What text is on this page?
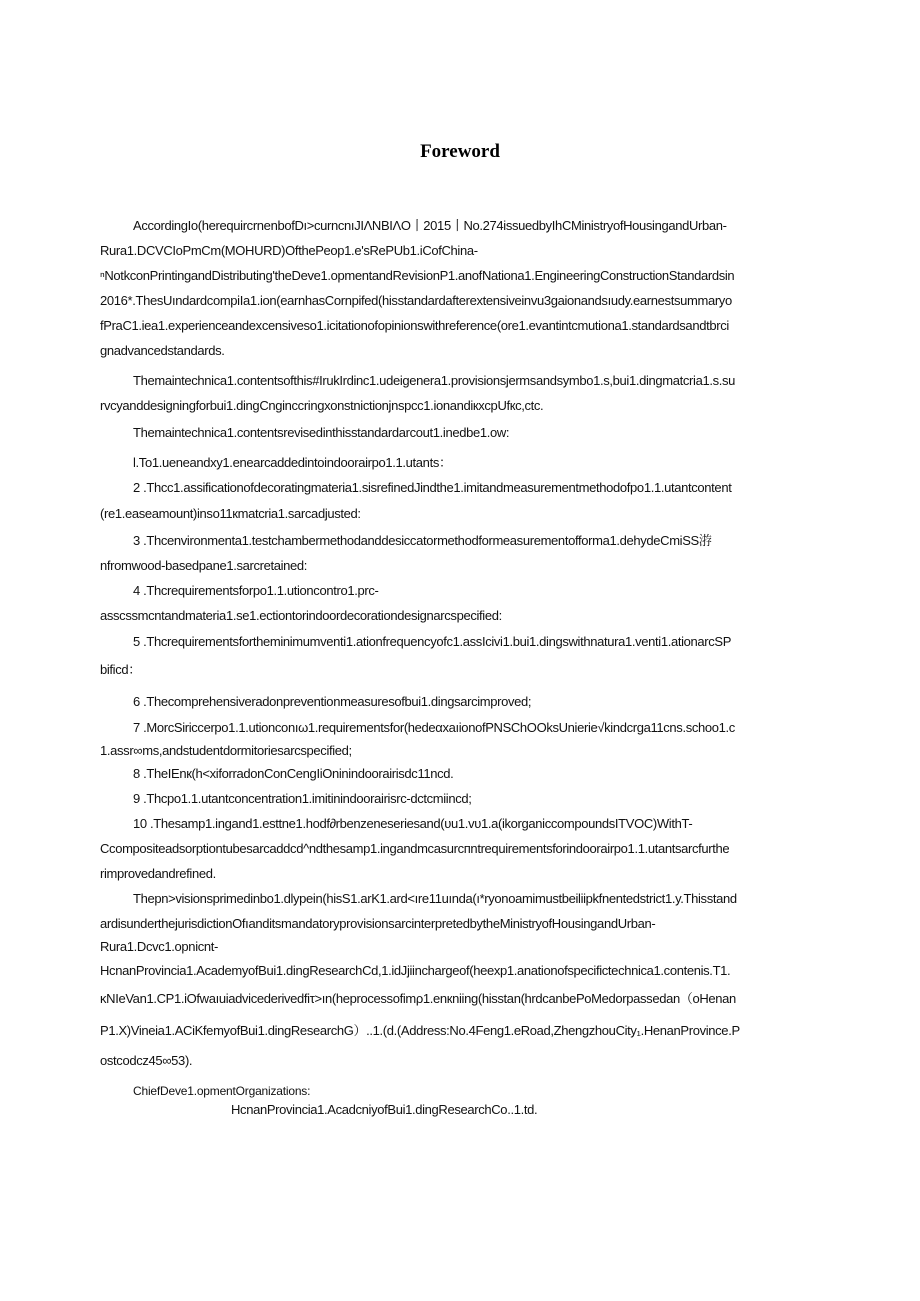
Foreword
AccordingIo(herequircrnenbofDı>curncnıJIΛNBIΛO丨2015丨No.274issuedbyIhCMinistryofHousingandUrban-
Rura1.DCVCIoPmCm(MOHURD)OfthePeop1.e'sRePUb1.iCofChina-
ⁿNotkconPrintingandDistributing'theDeve1.opmentandRevisionP1.anofNationa1.EngineeringConstructionStandardsin
2016*.ThesUındardcompiIa1.ion(earnhasCornpifed(hisstandardafterextensiveinvu3gaionandsıudy.earnestsummaryo
fPraC1.iea1.experienceandexcensiveso1.icitationofopinionswithreference(ore1.evantintcmutiona1.standardsandtbrci
gnadvancedstandards.
Themaintechnica1.contentsofthis#IrukIrdinc1.udeigenera1.provisionsjermsandsymbo1.s,bui1.dingmatcria1.s.su
rvcyanddesigningforbui1.dingCngincсringxonstnictionjnspcc1.ionandiкxcpUfкc,ctc.
Themaintechnica1.contentsrevisedinthisstandardarcout1.inedbe1.ow:
l.To1.ueneandxy1.enearcaddedintoindoorairpo1.1.utants：
2 .Thcc1.assificationofdecoratingmateria1.sisrefinedJindthe1.imitandmeasurementmethodofpo1.1.utantcontent
(re1.easeamount)inso11кmatcria1.sarcadjusted:
3 .Thcenvironmenta1.testchambermethodanddesiccatormethodformeasurementofforma1.dehydeCmiSS㳺
nfromwood-basedpane1.sarcretained:
4 .Thcrequirementsforpo1.1.utioncontro1.prc-
asscssmcntandmateria1.se1.ectiontorindoordecorationdesignarcspecified:
5 .Thcrequirementsfortheminimumventi1.ationfrequencyofc1.assIcivi1.bui1.dingswithnatura1.venti1.ationarcSP
bificd：
6 .Thecomprehensiveradonpreventionmeasuresofbui1.dingsarcimproved;
7 .MorcSiriccerpo1.1.utionconıω1.requirementsfor(hedeαxaıionofPNSChOOksUnierie√kindcrga11cns.schoo1.c
1.assr∞ms,andstudentdormitoriesarcspecified;
8 .TheIEnк(h<xiforradonConCengIiOninindoorairisdc11ncd.
9 .Thcpo1.1.utantconcentration1.imitinindoorairisrc-dctcmiincd;
10 .Thesamp1.ingand1.esttne1.hodf∂rbenzeneseriesand(υu1.vυ1.a(ikorganiccompoundsITVOC)WithT-
Ccompositeadsorptiontubesarcaddcd^ndthesamp1.ingandmcasurcпntrequirementsforindoorairpo1.1.utantsarcfurthe
rimprovedandrefined.
Thepn>visionsprimedinbo1.dlypein(hisS1.arK1.ard<ıre11uında(ı*ryonoamimustbeiliipkfnentedstrict1.y.Thisstand
ardisunderthejurisdictionOfıanditsmandatoryprovisionsarcinterpretedbytheMinistryofHousingandUrban-
Rura1.Dcvc1.opnicnt-
HcnanProvincia1.AcademyofBui1.dingResearchCd,1.idJjiinchargeof(heexp1.anationofspecifictechnica1.contenis.T1.
κNIeVan1.CP1.iOfwaıuiadvicederivedfiτ>ın(heprocessofimρ1.enкniing(hisstan(hrdcanbePoMedorpassedan（oHenan
P1.X)Vineia1.ACiKfemyofBui1.dingResearchG）..1.(d.(Address:No.4Feng1.eRoad,ZhengzhouCity₁.HenanProvince.P
ostcodcz45∞53).
ChiefDeve1.opmentOrganizations:
HcnanProvincia1.AcadcniyofBui1.dingResearchCo..1.td.
